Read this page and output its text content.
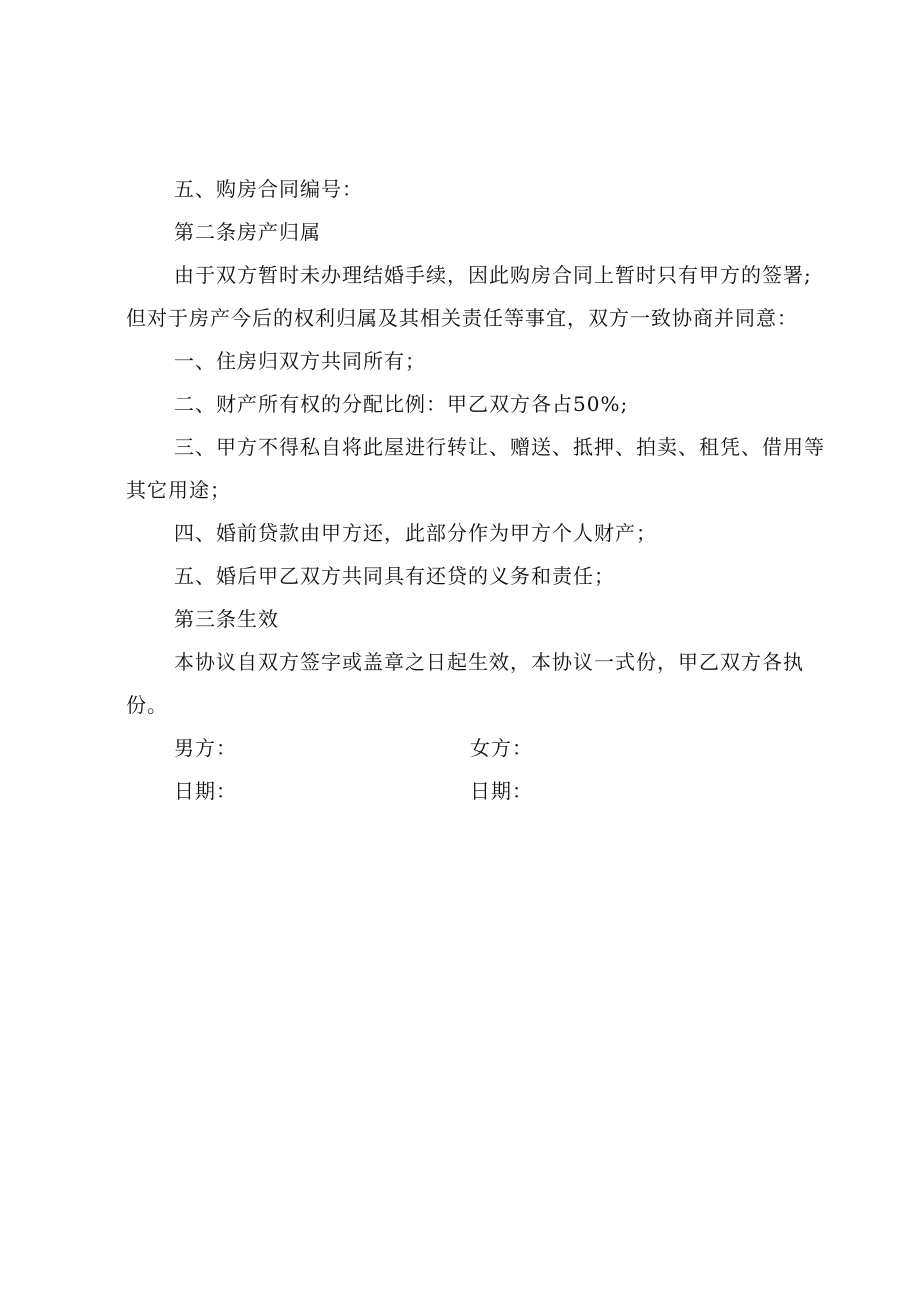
五、购房合同编号：

第二条房产归属

由于双方暂时未办理结婚手续，因此购房合同上暂时只有甲方的签署;但对于房产今后的权利归属及其相关责任等事宜，双方一致协商并同意：

一、住房归双方共同所有；

二、财产所有权的分配比例：甲乙双方各占50%;

三、甲方不得私自将此屋进行转让、赠送、抵押、拍卖、租凭、借用等其它用途；

四、婚前贷款由甲方还，此部分作为甲方个人财产；

五、婚后甲乙双方共同具有还贷的义务和责任；

第三条生效

本协议自双方签字或盖章之日起生效，本协议一式份，甲乙双方各执份。

男方：	女方：
日期：	日期：
